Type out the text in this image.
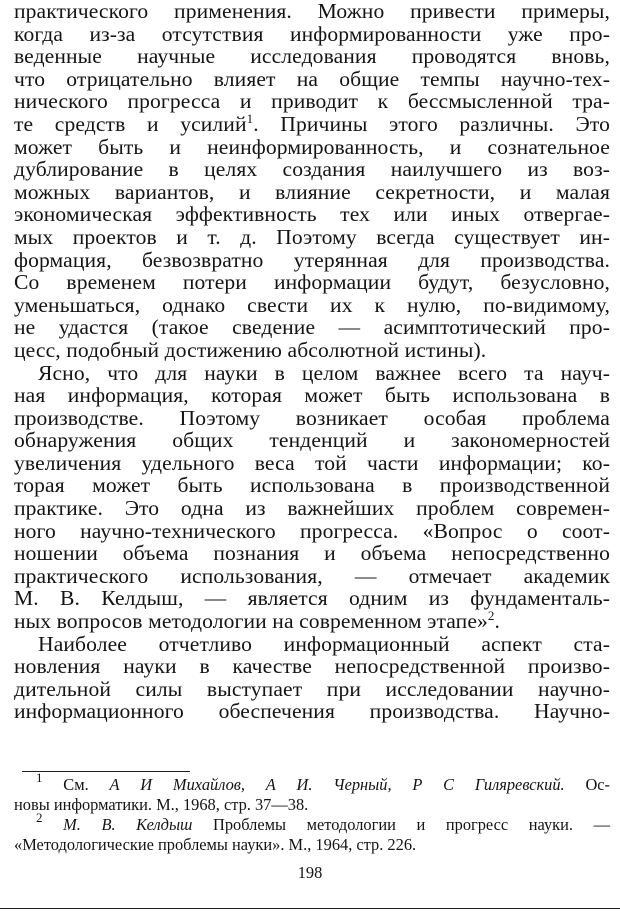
практического применения. Можно привести примеры,
когда из-за отсутствия информированности уже про-
веденные научные исследования проводятся вновь,
что отрицательно влияет на общие темпы научно-тех-
нического прогресса и приводит к бессмысленной тра-
те средств и усилий$^1$. Причины этого различны. Это
может быть и неинформированность, и сознательное
дублирование в целях создания наилучшего из воз-
можных вариантов, и влияние секретности, и малая
экономическая эффективность тех или иных отвергае-
мых проектов и т. д. Поэтому всегда существует ин-
формация, безвозвратно утерянная для производства.
Со временем потери информации будут, безусловно,
уменьшаться, однако свести их к нулю, по-видимому,
не удастся (такое сведение — асимптотический про-
цесс, подобный достижению абсолютной истины).
Ясно, что для науки в целом важнее всего та науч-
ная информация, которая может быть использована в
производстве. Поэтому возникает особая проблема
обнаружения общих тенденций и закономерностей
увеличения удельного веса той части информации; ко-
торая может быть использована в производственной
практике. Это одна из важнейших проблем современ-
ного научно-технического прогресса. «Вопрос о соот-
ношении объема познания и объема непосредственно
практического использования, — отмечает академик
М. В. Келдыш, — является одним из фундаменталь-
ных вопросов методологии на современном этапе»$^2$.
Наиболее отчетливо информационный аспект ста-
новления науки в качестве непосредственной произво-
дительной силы выступает при исследовании научно-
информационного обеспечения производства. Научно-
$^1$ См. А И Михайлов, А И. Черный, Р С Гиляревский. Ос-
новы информатики. М., 1968, стр. 37—38.
$^2$ М. В. Келдыш Проблемы методологии и прогресс науки. —
«Методологические проблемы науки». М., 1964, стр. 226.
198
